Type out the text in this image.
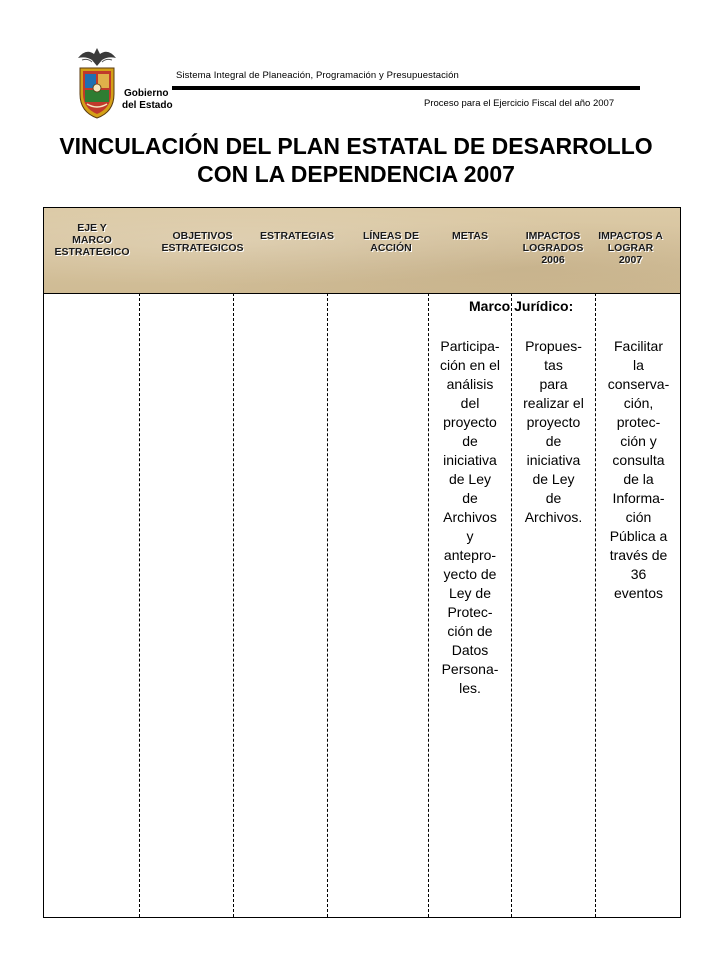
Gobierno
del Estado
Sistema Integral de Planeación, Programación y Presupuestación
Proceso para el Ejercicio Fiscal del año 2007
VINCULACIÓN DEL PLAN ESTATAL DE DESARROLLO
CON LA DEPENDENCIA 2007
EJE Y
MARCO
ESTRATEGICO
OBJETIVOS
ESTRATEGICOS
ESTRATEGIAS	LÍNEAS DE
ACCIÓN
METAS	IMPACTOS
LOGRADOS
2006
IMPACTOS A
LOGRAR
2007
Marco Jurídico:
Participa-
ción en el
análisis
del
proyecto
de
iniciativa
de Ley
de
Archivos
y
antepro-
yecto de
Ley de
Protec-
ción de
Datos
Persona-
les.
Propues-
tas
para
realizar el
proyecto
de
iniciativa
de Ley
de
Archivos.
Facilitar
la
conserva-
ción,
protec-
ción y
consulta
de la
Informa-
ción
Pública a
través de
36
eventos
